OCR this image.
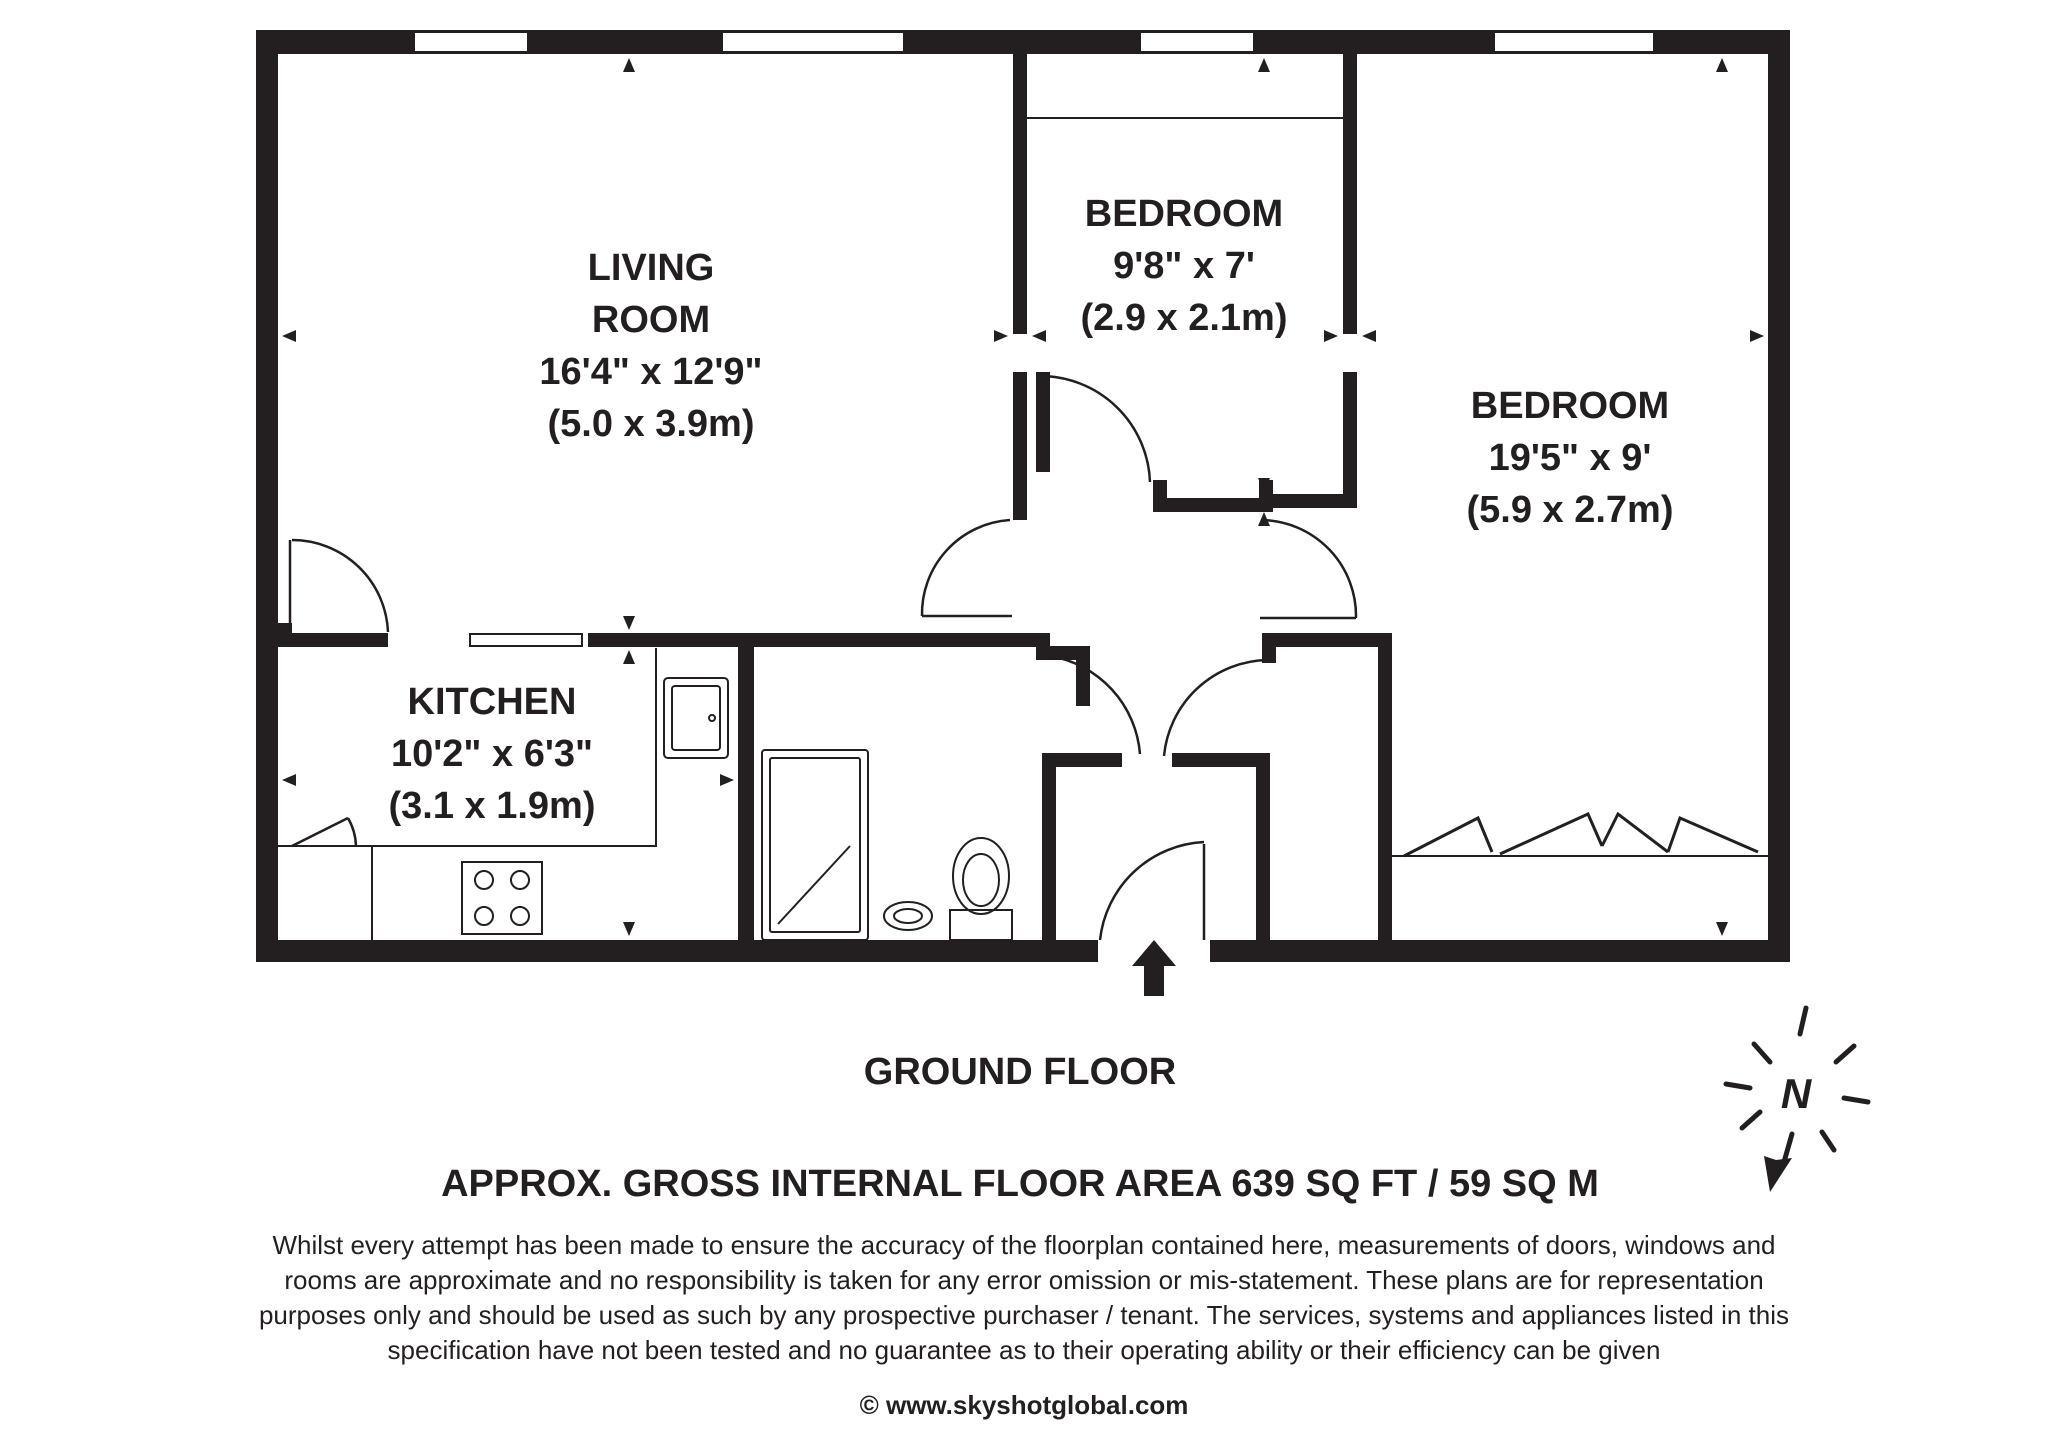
N
LIVING
ROOM
16'4" x 12'9"
(5.0 x 3.9m)
BEDROOM
9'8" x 7'
(2.9 x 2.1m)
BEDROOM
19'5" x 9'
(5.9 x 2.7m)
KITCHEN
10'2" x 6'3"
(3.1 x 1.9m)
GROUND FLOOR
APPROX. GROSS INTERNAL FLOOR AREA 639 SQ FT / 59 SQ M
Whilst every attempt has been made to ensure the accuracy of the floorplan contained here, measurements of doors, windows and
rooms are approximate and no responsibility is taken for any error omission or mis-statement. These plans are for representation
purposes only and should be used as such by any prospective purchaser / tenant. The services, systems and appliances listed in this
specification have not been tested and no guarantee as to their operating ability or their efficiency can be given
© www.skyshotglobal.com
